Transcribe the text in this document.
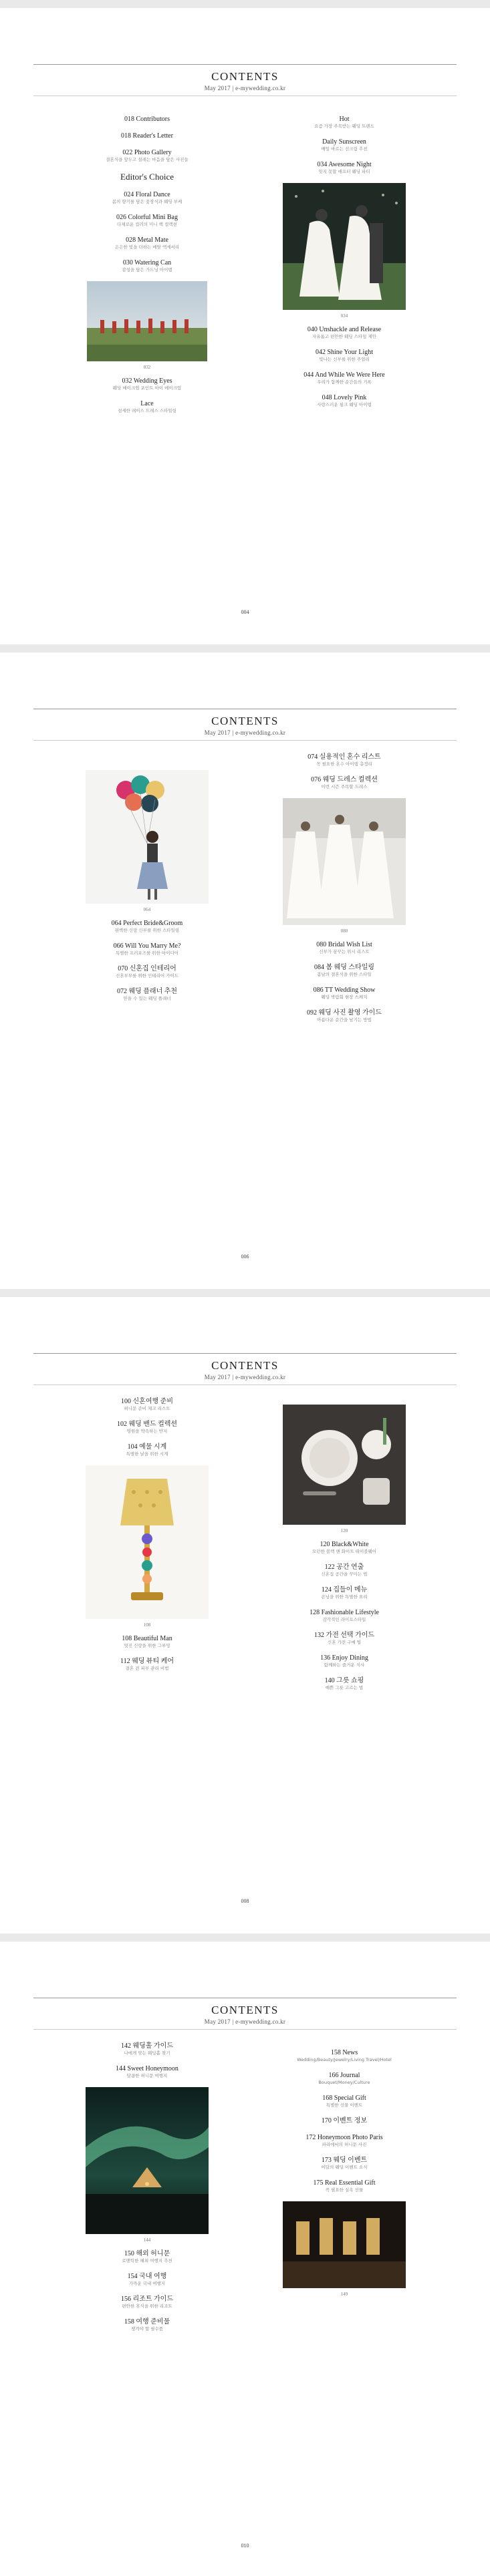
CONTENTS
May 2017 | e-mywedding.co.kr
018 Contributors
018 Reader's Letter
022 Photo Gallery
결혼식을 앞두고 설레는 마음을 담은 사진들
Editor's Choice
024 Floral Dance
봄의 향기를 담은 꽃장식과 웨딩 부케
026 Colorful Mini Bag
다채로운 컬러의 미니 백 컬렉션
028 Metal Mate
은은한 빛을 더하는 메탈 액세서리
030 Watering Can
감성을 담은 가드닝 아이템
032
032 Wedding Eyes
웨딩 메이크업 포인트 아이 메이크업
Lace
섬세한 레이스 드레스 스타일링
Hot
요즘 가장 주목받는 웨딩 트렌드
Daily Sunscreen
매일 바르는 선크림 추천
034 Awesome Night
잊지 못할 애프터 웨딩 파티
034
040 Unshackle and Release
자유롭고 편안한 웨딩 스타일 제안
042 Shine Your Light
빛나는 신부를 위한 주얼리
044 And While We Were Here
우리가 함께한 순간들의 기록
048 Lovely Pink
사랑스러운 핑크 웨딩 아이템
004
CONTENTS
May 2017 | e-mywedding.co.kr
064
064 Perfect Bride&Groom
완벽한 신랑 신부를 위한 스타일링
066 Will You Marry Me?
특별한 프러포즈를 위한 아이디어
070 신혼집 인테리어
신혼부부를 위한 인테리어 가이드
072 웨딩 플래너 추천
믿을 수 있는 웨딩 플래너
074 실용적인 혼수 리스트
꼭 필요한 혼수 아이템 총정리
076 웨딩 드레스 컬렉션
이번 시즌 주목할 드레스
080
080 Bridal Wish List
신부가 꿈꾸는 위시 리스트
084 봄 웨딩 스타일링
봄날의 결혼식을 위한 스타일
086 TT Wedding Show
웨딩 박람회 현장 스케치
092 웨딩 사진 촬영 가이드
아름다운 순간을 남기는 방법
006
CONTENTS
May 2017 | e-mywedding.co.kr
100 신혼여행 준비
허니문 준비 체크 리스트
102 웨딩 밴드 컬렉션
영원을 약속하는 반지
104 예물 시계
특별한 날을 위한 시계
108
108 Beautiful Man
멋진 신랑을 위한 그루밍
112 웨딩 뷰티 케어
결혼 전 피부 관리 비법
120
120 Black&White
모던한 블랙 앤 화이트 테이블웨어
122 공간 연출
신혼집 공간을 꾸미는 법
124 집들이 메뉴
손님을 위한 특별한 요리
128 Fashionable Lifestyle
감각적인 라이프스타일
132 가전 선택 가이드
신혼 가전 구매 팁
136 Enjoy Dining
함께하는 즐거운 식사
140 그릇 쇼핑
예쁜 그릇 고르는 법
008
CONTENTS
May 2017 | e-mywedding.co.kr
142 웨딩홀 가이드
나에게 맞는 웨딩홀 찾기
144 Sweet Honeymoon
달콤한 허니문 여행지
144
150 해외 허니문
로맨틱한 해외 여행지 추천
154 국내 여행
가까운 국내 여행지
156 리조트 가이드
편안한 휴식을 위한 리조트
158 여행 준비물
챙겨야 할 필수품
158 News
Wedding/Beauty/Jewelry/Living Travel/Hotel
166 Journal
Bouquet/Money/Culture
168 Special Gift
특별한 선물 이벤트
170 이벤트 정보
172 Honeymoon Photo Paris
파리에서의 허니문 사진
173 웨딩 이벤트
이달의 웨딩 이벤트 소식
175 Real Essential Gift
꼭 필요한 실속 선물
149
010
